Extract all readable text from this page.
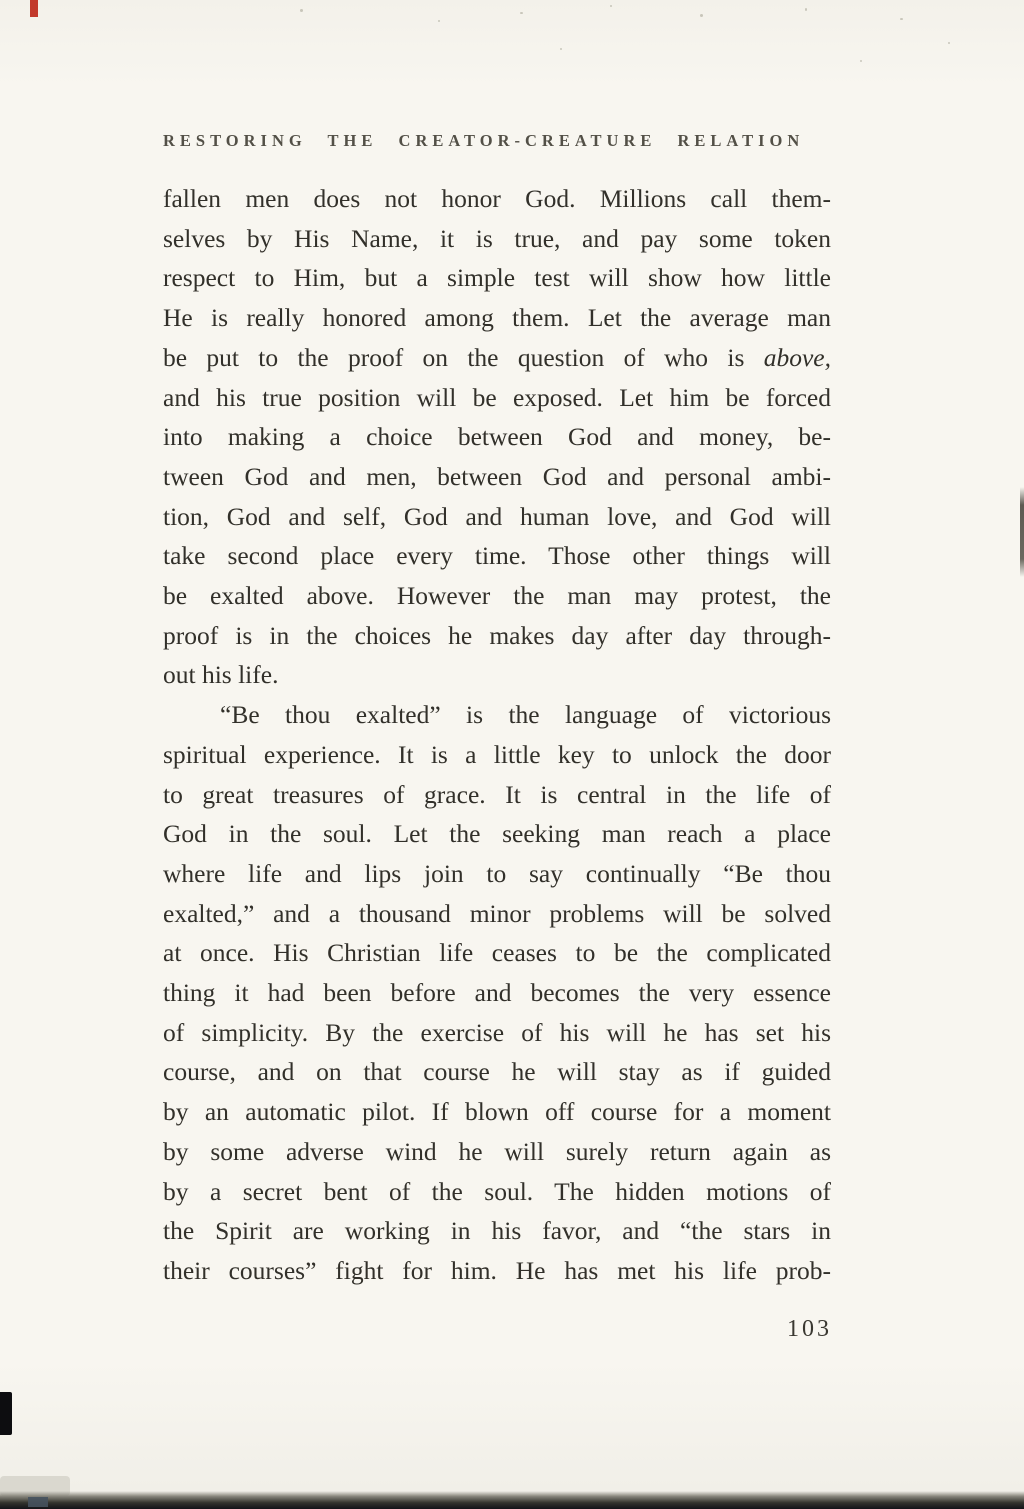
RESTORING THE CREATOR-CREATURE RELATION
fallen men does not honor God. Millions call them-
selves by His Name, it is true, and pay some token
respect to Him, but a simple test will show how little
He is really honored among them. Let the average man
be put to the proof on the question of who is above,
and his true position will be exposed. Let him be forced
into making a choice between God and money, be-
tween God and men, between God and personal ambi-
tion, God and self, God and human love, and God will
take second place every time. Those other things will
be exalted above. However the man may protest, the
proof is in the choices he makes day after day through-
out his life.
“Be thou exalted” is the language of victorious
spiritual experience. It is a little key to unlock the door
to great treasures of grace. It is central in the life of
God in the soul. Let the seeking man reach a place
where life and lips join to say continually “Be thou
exalted,” and a thousand minor problems will be solved
at once. His Christian life ceases to be the complicated
thing it had been before and becomes the very essence
of simplicity. By the exercise of his will he has set his
course, and on that course he will stay as if guided
by an automatic pilot. If blown off course for a moment
by some adverse wind he will surely return again as
by a secret bent of the soul. The hidden motions of
the Spirit are working in his favor, and “the stars in
their courses” fight for him. He has met his life prob-
103
